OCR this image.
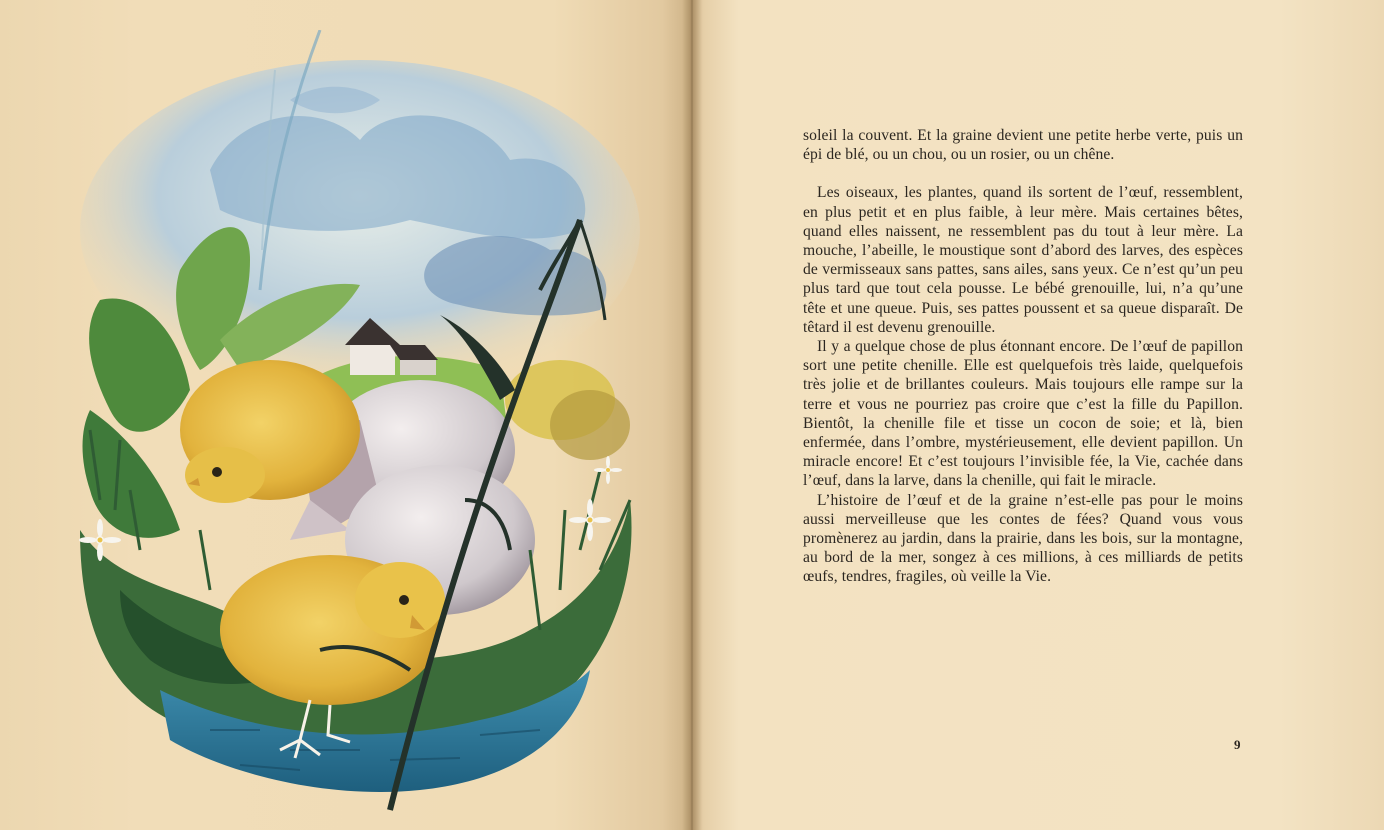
soleil la couvent. Et la graine devient une petite herbe verte, puis un épi de blé, ou un chou, ou un rosier, ou un chêne.

Les oiseaux, les plantes, quand ils sortent de l’œuf, ressemblent, en plus petit et en plus faible, à leur mère. Mais certaines bêtes, quand elles naissent, ne ressemblent pas du tout à leur mère. La mouche, l’abeille, le moustique sont d’abord des larves, des espèces de vermisseaux sans pattes, sans ailes, sans yeux. Ce n’est qu’un peu plus tard que tout cela pousse. Le bébé grenouille, lui, n’a qu’une tête et une queue. Puis, ses pattes poussent et sa queue disparaît. De têtard il est devenu grenouille.

Il y a quelque chose de plus étonnant encore. De l’œuf de papillon sort une petite chenille. Elle est quelquefois très laide, quelquefois très jolie et de brillantes couleurs. Mais toujours elle rampe sur la terre et vous ne pourriez pas croire que c’est la fille du Papillon. Bientôt, la chenille file et tisse un cocon de soie; et là, bien enfermée, dans l’ombre, mystérieusement, elle devient papillon. Un miracle encore! Et c’est toujours l’invisible fée, la Vie, cachée dans l’œuf, dans la larve, dans la chenille, qui fait le miracle.

L’histoire de l’œuf et de la graine n’est-elle pas pour le moins aussi merveilleuse que les contes de fées? Quand vous vous promènerez au jardin, dans la prairie, dans les bois, sur la montagne, au bord de la mer, songez à ces millions, à ces milliards de petits œufs, tendres, fragiles, où veille la Vie.

9
